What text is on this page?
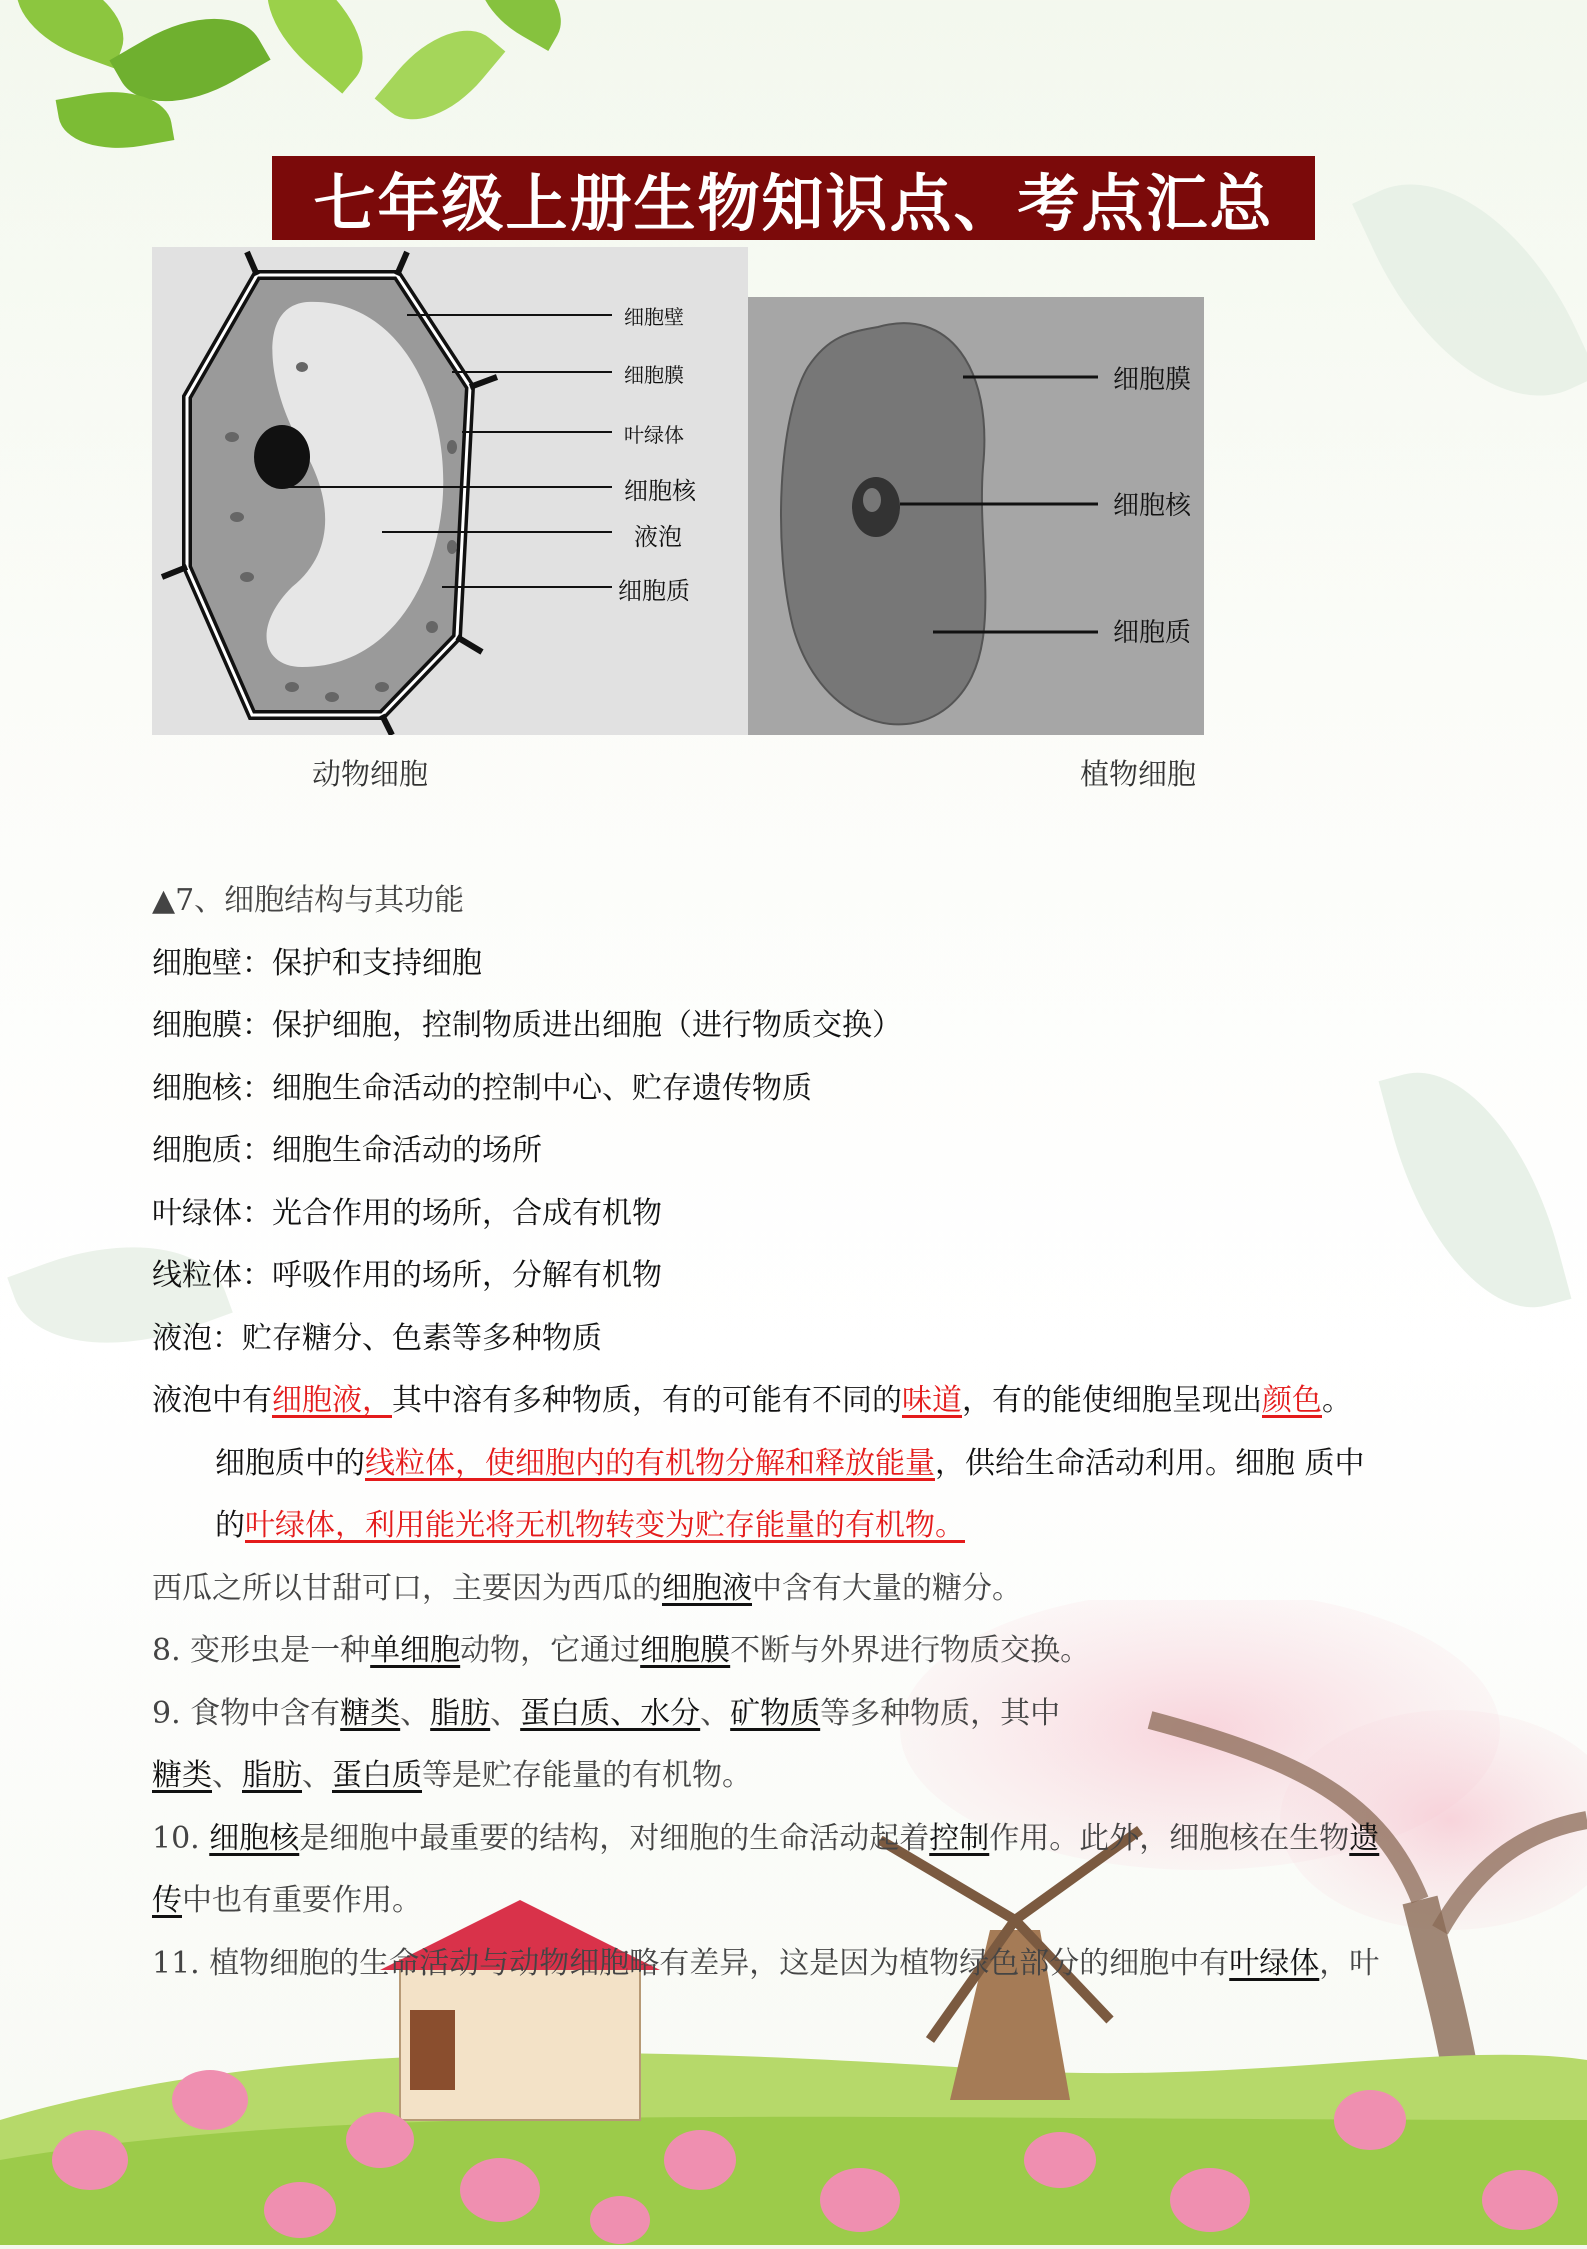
七年级上册生物知识点、考点汇总
细胞壁
细胞膜
叶绿体
细胞核
液泡
细胞质
细胞膜
细胞核
细胞质
动物细胞	植物细胞
▲7、细胞结构与其功能
细胞壁：保护和支持细胞
细胞膜：保护细胞，控制物质进出细胞（进行物质交换）
细胞核：细胞生命活动的控制中心、贮存遗传物质
细胞质：细胞生命活动的场所
叶绿体：光合作用的场所，合成有机物
线粒体：呼吸作用的场所，分解有机物
液泡：贮存糖分、色素等多种物质
液泡中有细胞液，其中溶有多种物质，有的可能有不同的味道，有的能使细胞呈现出颜色。
细胞质中的线粒体，使细胞内的有机物分解和释放能量，供给生命活动利用。细胞 质中
的叶绿体，利用能光将无机物转变为贮存能量的有机物。
西瓜之所以甘甜可口，主要因为西瓜的细胞液中含有大量的糖分。
8. 变形虫是一种单细胞动物，它通过细胞膜不断与外界进行物质交换。
9. 食物中含有糖类、脂肪、蛋白质、水分、矿物质等多种物质，其中
糖类、脂肪、蛋白质等是贮存能量的有机物。
10. 细胞核是细胞中最重要的结构，对细胞的生命活动起着控制作用。此外，细胞核在生物遗
传中也有重要作用。
11. 植物细胞的生命活动与动物细胞略有差异，这是因为植物绿色部分的细胞中有叶绿体，叶
